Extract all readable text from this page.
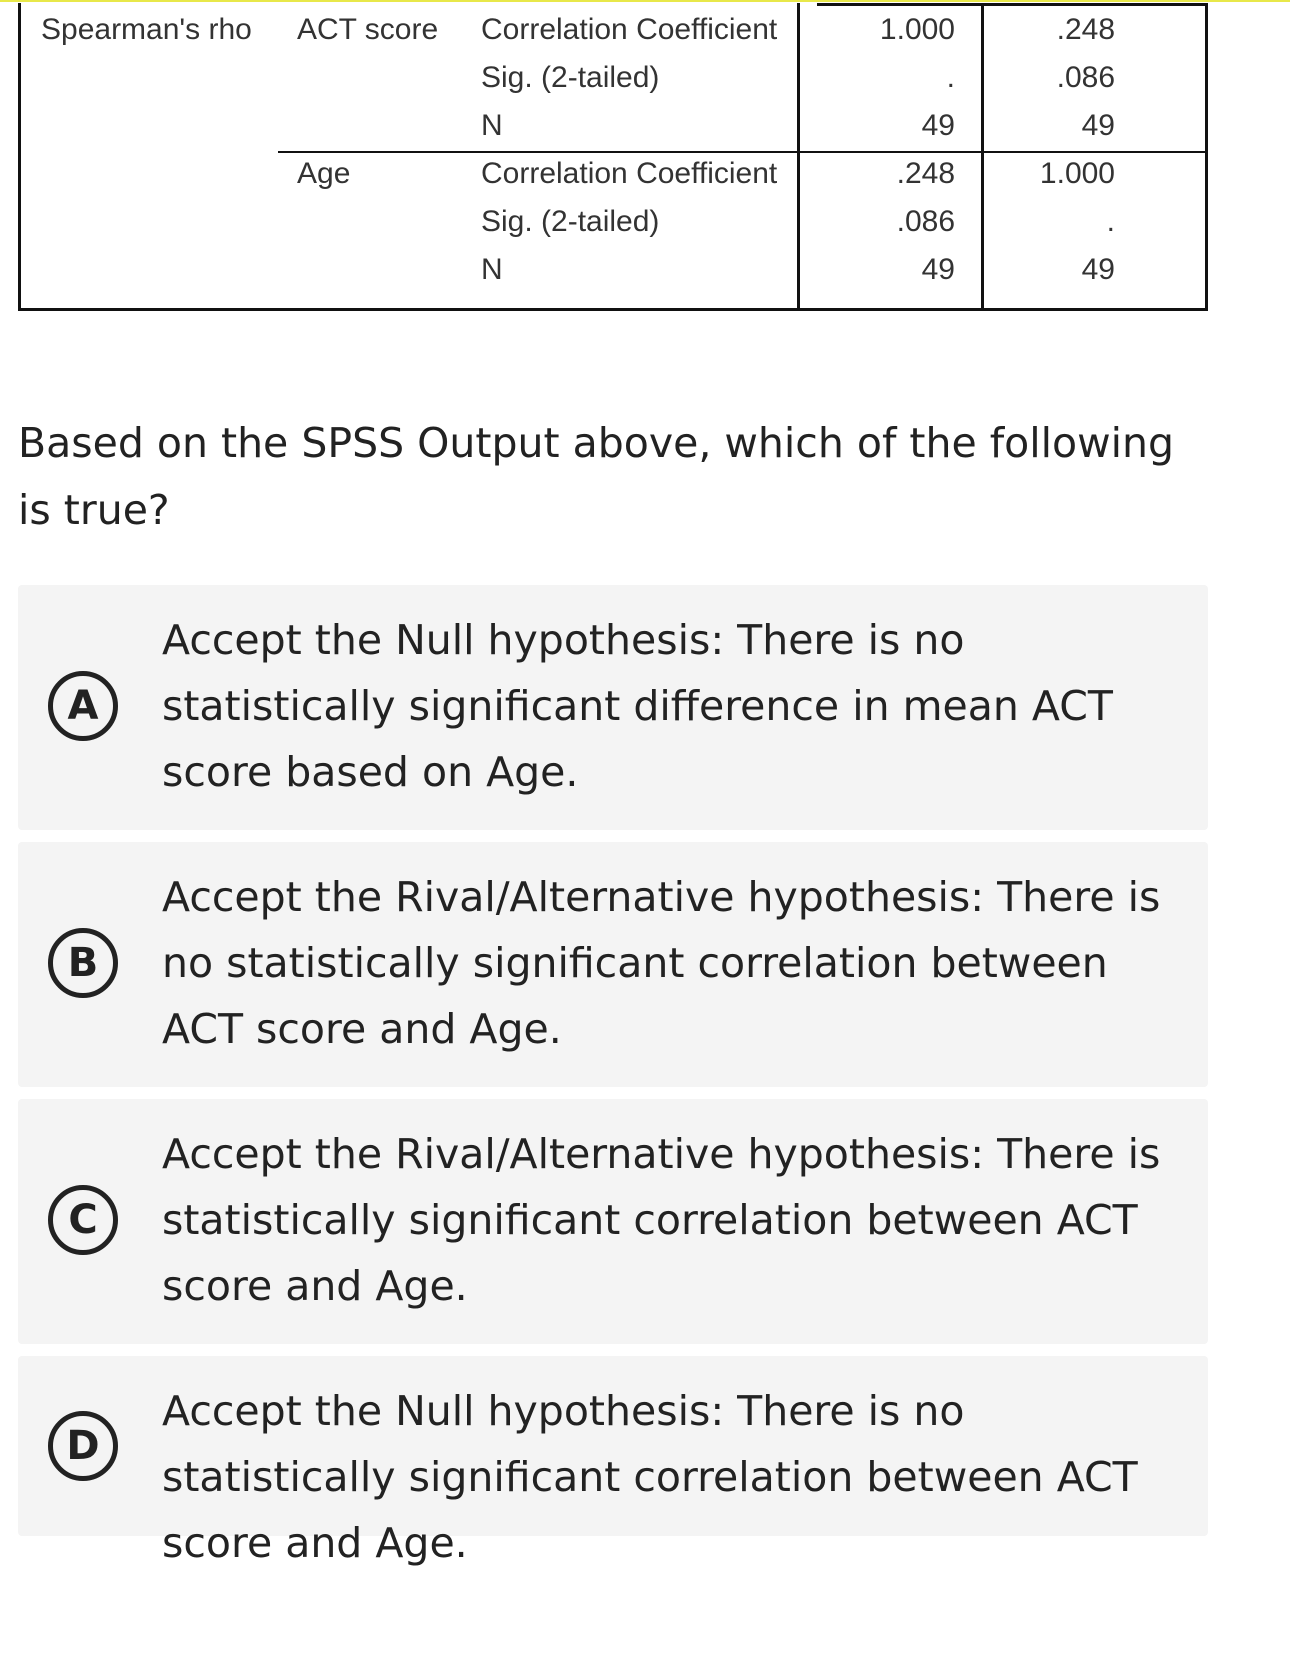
Spearman's rho ACT score Correlation Coefficient
Sig. (2-tailed)
N
1.000
.
49
.248
.086
49
Age	Correlation Coefficient
Sig. (2-tailed)
N
.248
.086
49
1.000
.
49
Based on the SPSS Output above, which of the following is true?
A
Accept the Null hypothesis: There is no statistically significant difference in mean ACT score based on Age.
B
Accept the Rival/Alternative hypothesis: There is no statistically significant correlation between ACT score and Age.
C
Accept the Rival/Alternative hypothesis: There is statistically significant correlation between ACT score and Age.
D
Accept the Null hypothesis: There is no statistically significant correlation between ACT score and Age.
